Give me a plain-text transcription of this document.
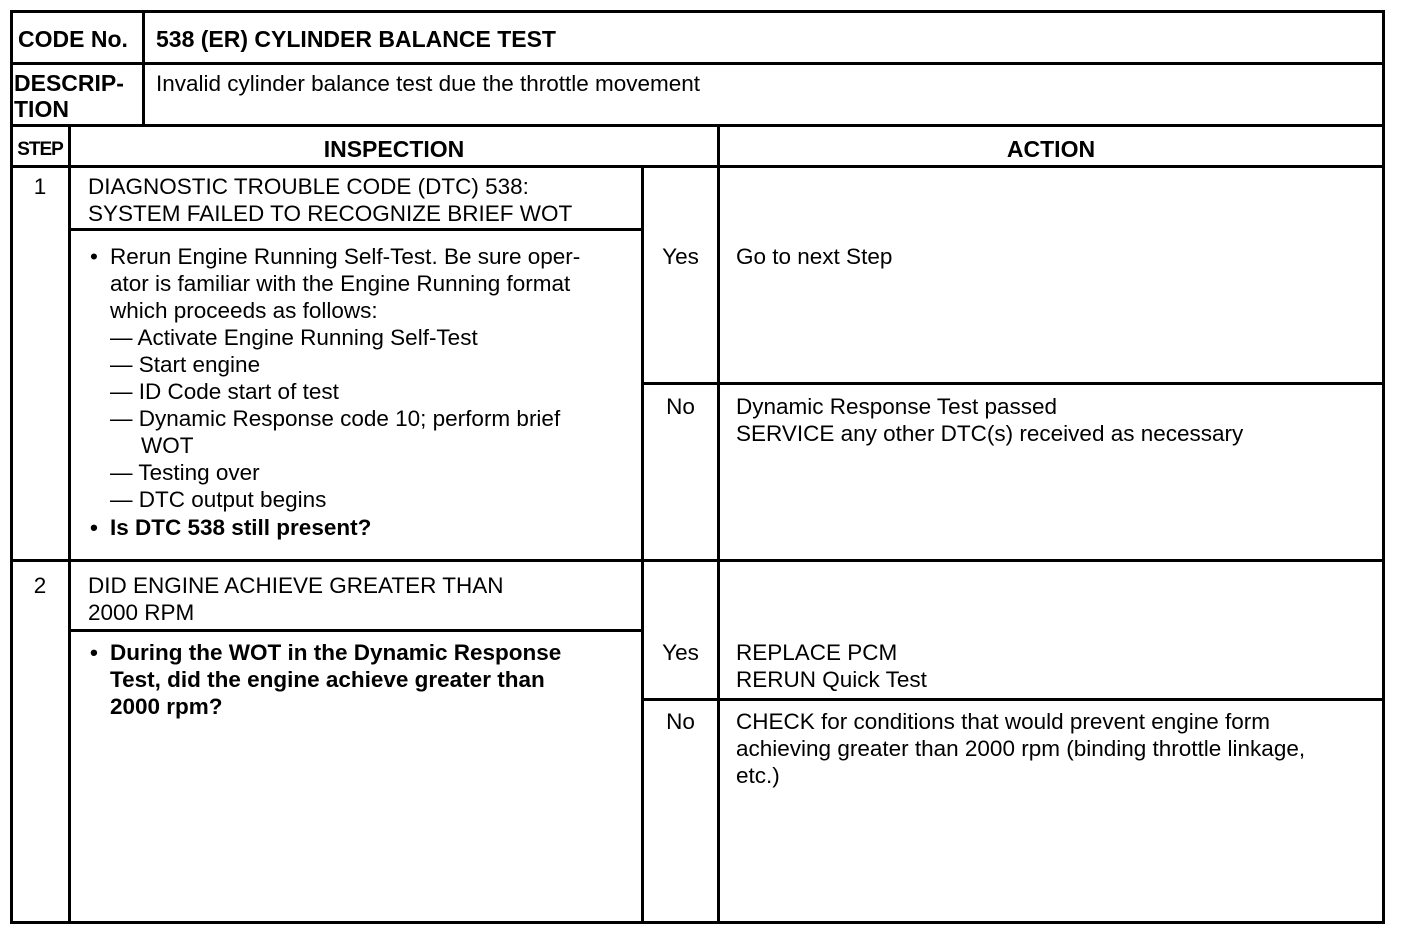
CODE No. 538 (ER) CYLINDER BALANCE TEST
DESCRIP-
TION
Invalid cylinder balance test due the throttle movement
STEP	INSPECTION	ACTION
1	DIAGNOSTIC TROUBLE CODE (DTC) 538:
SYSTEM FAILED TO RECOGNIZE BRIEF WOT
• Rerun Engine Running Self-Test. Be sure oper-
ator is familiar with the Engine Running format
which proceeds as follows:
— Activate Engine Running Self-Test
— Start engine
— ID Code start of test
— Dynamic Response code 10; perform brief
WOT
— Testing over
— DTC output begins
• Is DTC 538 still present?
Yes	Go to next Step
No	Dynamic Response Test passed
SERVICE any other DTC(s) received as necessary
2	DID ENGINE ACHIEVE GREATER THAN
2000 RPM
• During the WOT in the Dynamic Response
Test, did the engine achieve greater than
2000 rpm?
Yes	REPLACE PCM
RERUN Quick Test
No	CHECK for conditions that would prevent engine form
achieving greater than 2000 rpm (binding throttle linkage,
etc.)
